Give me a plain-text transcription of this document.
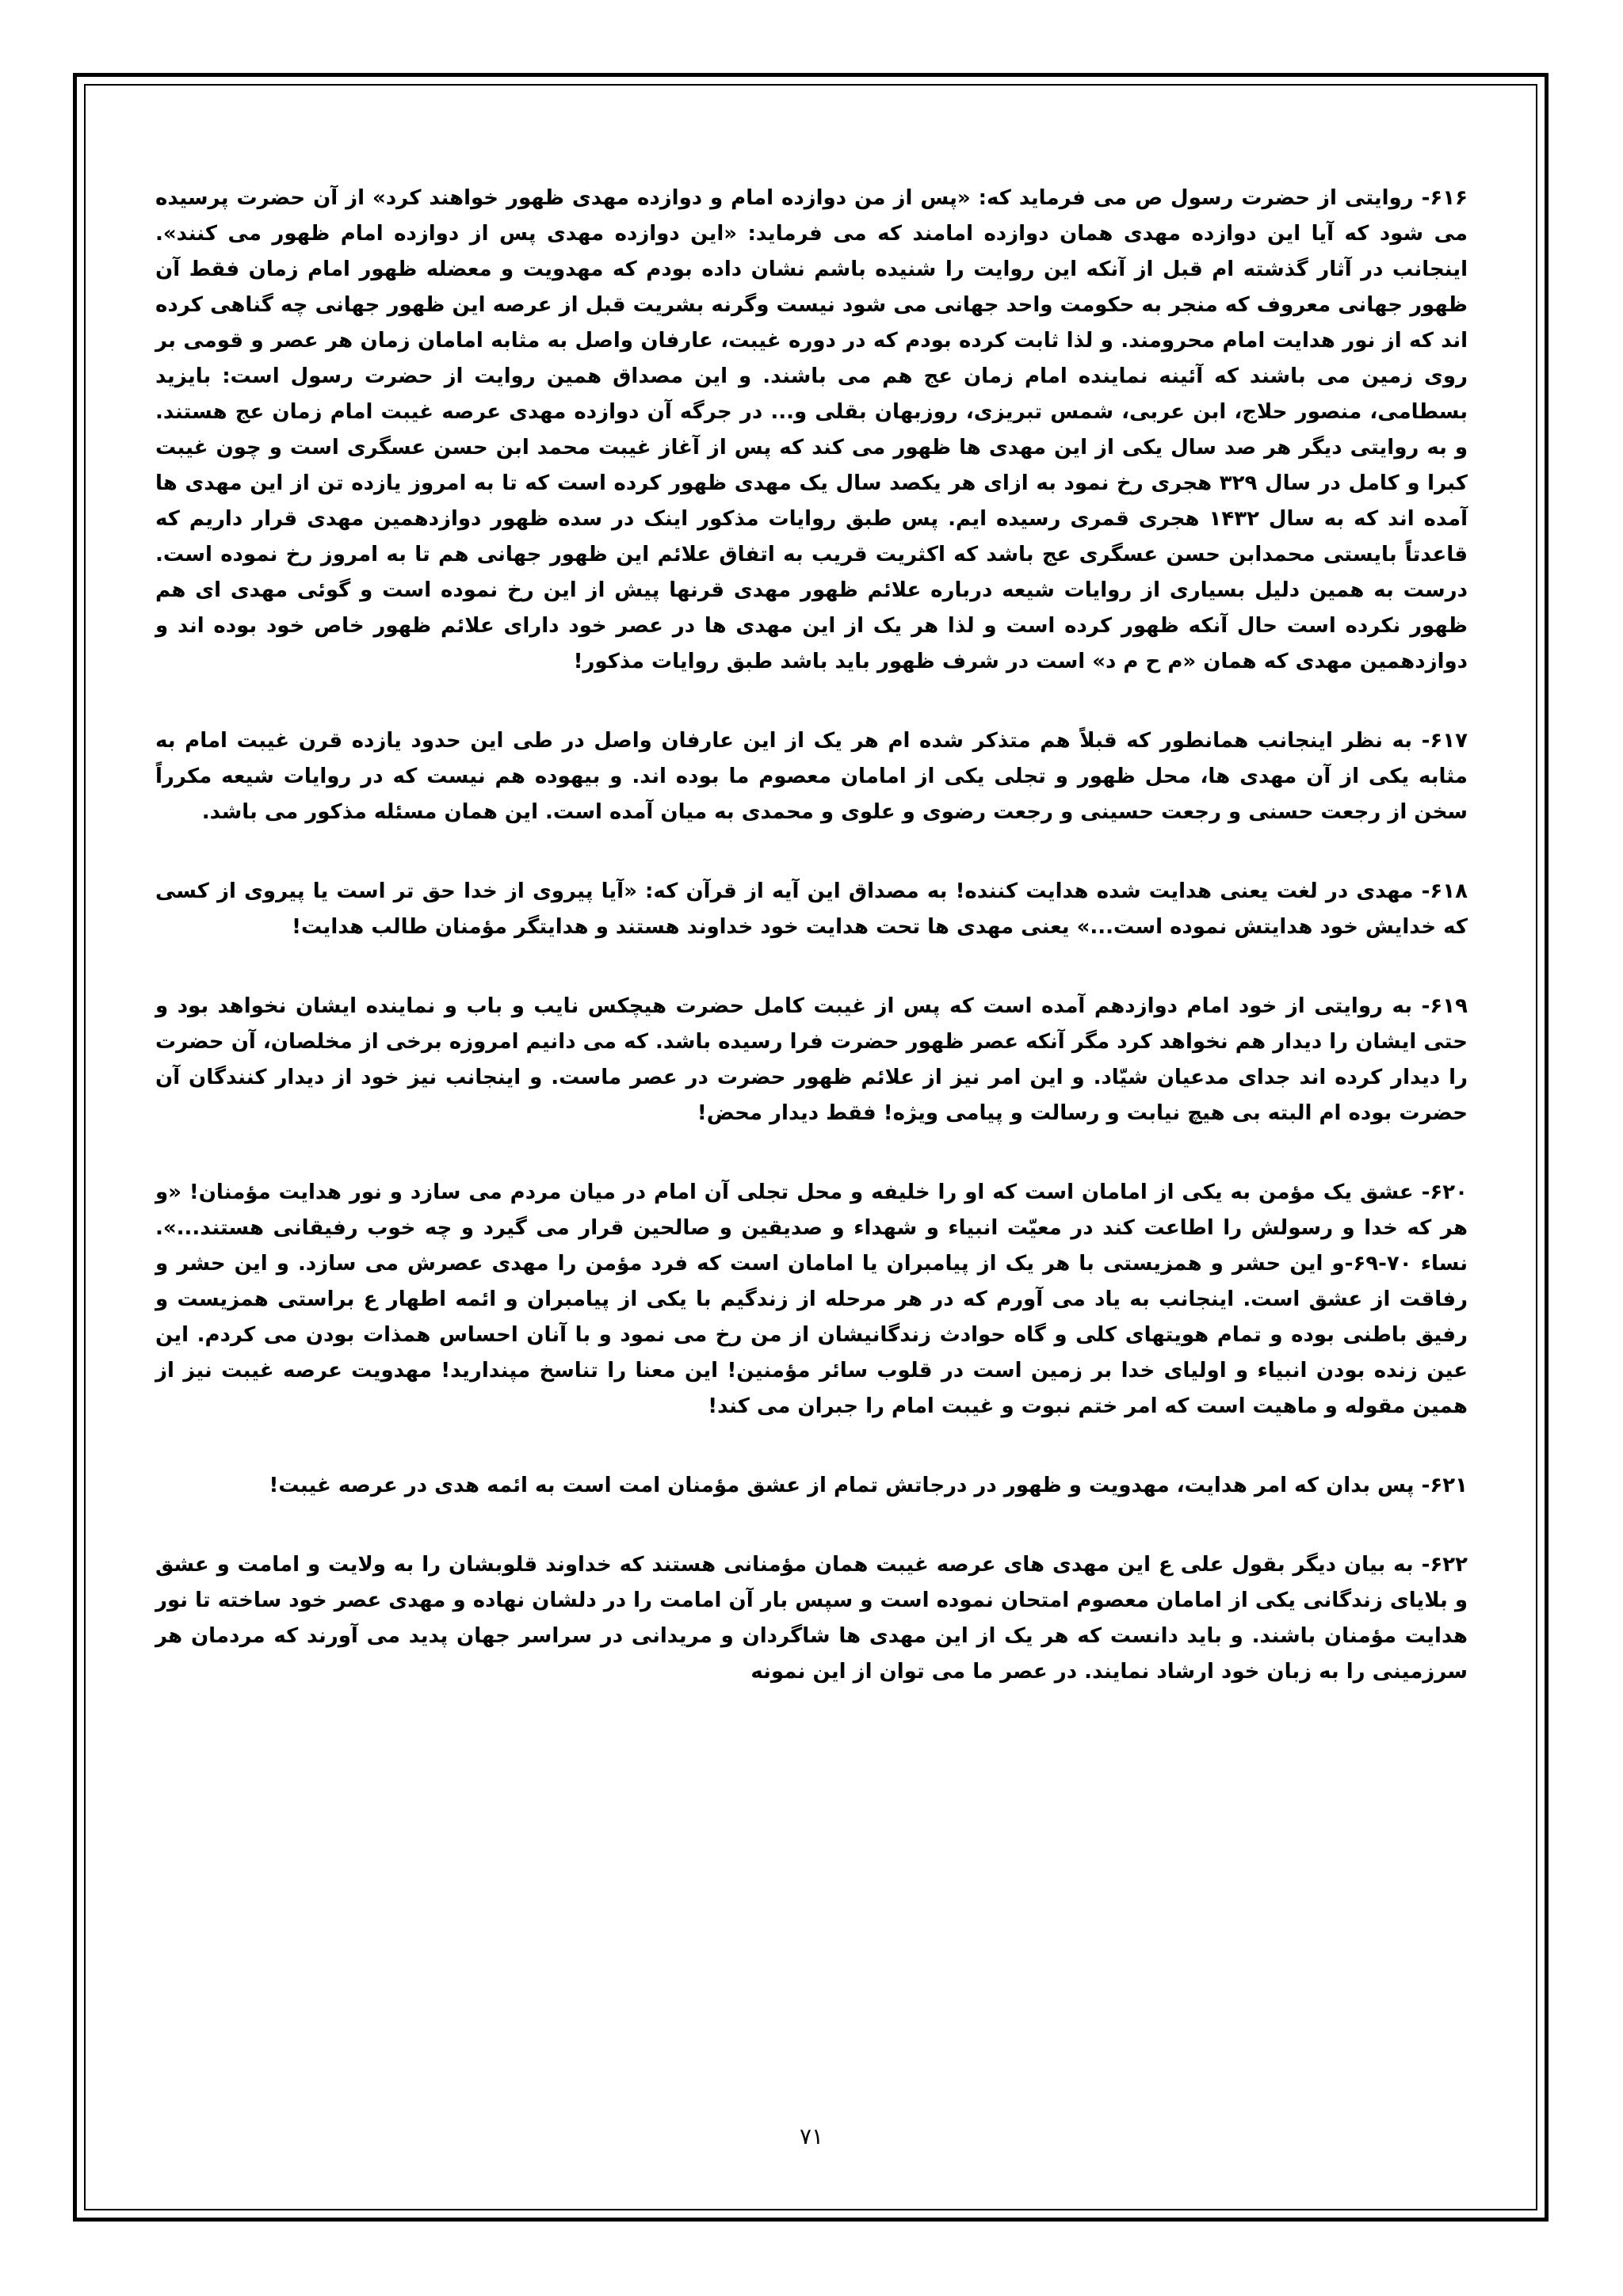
۶۱۶- روایتی از حضرت رسول ص می فرماید که: «پس از من دوازده امام و دوازده مهدی ظهور خواهند کرد» از آن حضرت پرسیده می شود که آیا این دوازده مهدی همان دوازده امامند که می فرماید: «این دوازده مهدی پس از دوازده امام ظهور می کنند». اینجانب در آثار گذشته ام قبل از آنکه این روایت را شنیده باشم نشان داده بودم که مهدویت و معضله ظهور امام زمان فقط آن ظهور جهانی معروف که منجر به حکومت واحد جهانی می شود نیست وگرنه بشریت قبل از عرصه این ظهور جهانی چه گناهی کرده اند که از نور هدایت امام محرومند. و لذا ثابت کرده بودم که در دوره غیبت، عارفان واصل به مثابه امامان زمان هر عصر و قومی بر روی زمین می باشند که آئینه نماینده امام زمان عج هم می باشند. و این مصداق همین روایت از حضرت رسول است: بایزید بسطامی، منصور حلاج، ابن عربی، شمس تبریزی، روزبهان بقلی و... در جرگه آن دوازده مهدی عرصه غیبت امام زمان عج هستند. و به روایتی دیگر هر صد سال یکی از این مهدی ها ظهور می کند که پس از آغاز غیبت محمد ابن حسن عسگری است و چون غیبت کبرا و کامل در سال ۳۲۹ هجری رخ نمود به ازای هر یکصد سال یک مهدی ظهور کرده است که تا به امروز یازده تن از این مهدی ها آمده اند که به سال ۱۴۳۲ هجری قمری رسیده ایم. پس طبق روایات مذکور اینک در سده ظهور دوازدهمین مهدی قرار داریم که قاعدتاً بایستی محمدابن حسن عسگری عج باشد که اکثریت قریب به اتفاق علائم این ظهور جهانی هم تا به امروز رخ نموده است. درست به همین دلیل بسیاری از روایات شیعه درباره علائم ظهور مهدی قرنها پیش از این رخ نموده است و گوئی مهدی ای هم ظهور نکرده است حال آنکه ظهور کرده است و لذا هر یک از این مهدی ها در عصر خود دارای علائم ظهور خاص خود بوده اند و دوازدهمین مهدی که همان «م ح م د» است در شرف ظهور باید باشد طبق روایات مذکور!

۶۱۷- به نظر اینجانب همانطور که قبلاً هم متذکر شده ام هر یک از این عارفان واصل در طی این حدود یازده قرن غیبت امام به مثابه یکی از آن مهدی ها، محل ظهور و تجلی یکی از امامان معصوم ما بوده اند. و بیهوده هم نیست که در روایات شیعه مکرراً سخن از رجعت حسنی و رجعت حسینی و رجعت رضوی و علوی و محمدی به میان آمده است. این همان مسئله مذکور می باشد.

۶۱۸- مهدی در لغت یعنی هدایت شده هدایت کننده! به مصداق این آیه از قرآن که: «آیا پیروی از خدا حق تر است یا پیروی از کسی که خدایش خود هدایتش نموده است...» یعنی مهدی ها تحت هدایت خود خداوند هستند و هدایتگر مؤمنان طالب هدایت!

۶۱۹- به روایتی از خود امام دوازدهم آمده است که پس از غیبت کامل حضرت هیچکس نایب و باب و نماینده ایشان نخواهد بود و حتی ایشان را دیدار هم نخواهد کرد مگر آنکه عصر ظهور حضرت فرا رسیده باشد. که می دانیم امروزه برخی از مخلصان، آن حضرت را دیدار کرده اند جدای مدعیان شیّاد. و این امر نیز از علائم ظهور حضرت در عصر ماست. و اینجانب نیز خود از دیدار کنندگان آن حضرت بوده ام البته بی هیچ نیابت و رسالت و پیامی ویژه! فقط دیدار محض!

۶۲۰- عشق یک مؤمن به یکی از امامان است که او را خلیفه و محل تجلی آن امام در میان مردم می سازد و نور هدایت مؤمنان! «و هر که خدا و رسولش را اطاعت کند در معیّت انبیاء و شهداء و صدیقین و صالحین قرار می گیرد و چه خوب رفیقانی هستند...». نساء ۷۰-۶۹-و این حشر و همزیستی با هر یک از پیامبران یا امامان است که فرد مؤمن را مهدی عصرش می سازد. و این حشر و رفاقت از عشق است. اینجانب به یاد می آورم که در هر مرحله از زندگیم با یکی از پیامبران و ائمه اطهار ع براستی همزیست و رفیق باطنی بوده و تمام هویتهای کلی و گاه حوادث زندگانیشان از من رخ می نمود و با آنان احساس همذات بودن می کردم. این عین زنده بودن انبیاء و اولیای خدا بر زمین است در قلوب سائر مؤمنین! این معنا را تناسخ مپندارید! مهدویت عرصه غیبت نیز از همین مقوله و ماهیت است که امر ختم نبوت و غیبت امام را جبران می کند!

۶۲۱- پس بدان که امر هدایت، مهدویت و ظهور در درجاتش تمام از عشق مؤمنان امت است به ائمه هدی در عرصه غیبت!

۶۲۲- به بیان دیگر بقول علی ع این مهدی های عرصه غیبت همان مؤمنانی هستند که خداوند قلوبشان را به ولایت و امامت و عشق و بلایای زندگانی یکی از امامان معصوم امتحان نموده است و سپس بار آن امامت را در دلشان نهاده و مهدی عصر خود ساخته تا نور هدایت مؤمنان باشند. و باید دانست که هر یک از این مهدی ها شاگردان و مریدانی در سراسر جهان پدید می آورند که مردمان هر سرزمینی را به زبان خود ارشاد نمایند. در عصر ما می توان از این نمونه

۷۱
